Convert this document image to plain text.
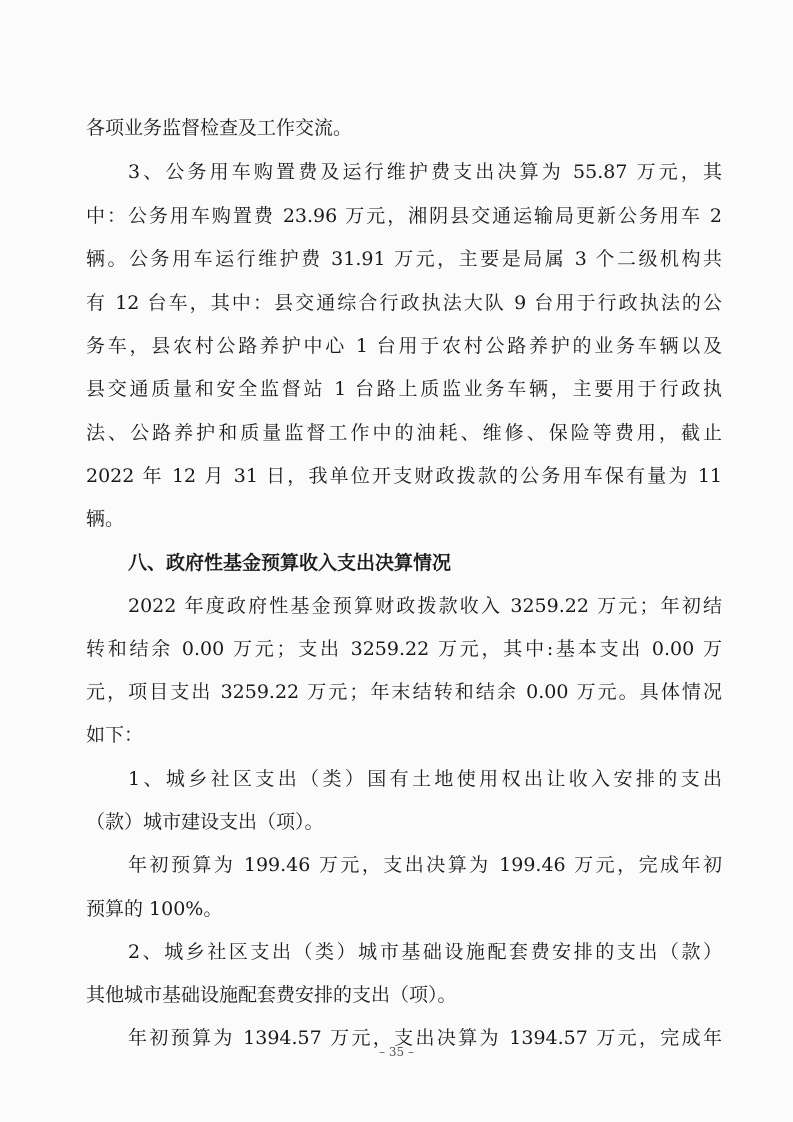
各项业务监督检查及工作交流。
3、公务用车购置费及运行维护费支出决算为 55.87 万元，其
中：公务用车购置费 23.96 万元，湘阴县交通运输局更新公务用车 2
辆。公务用车运行维护费 31.91 万元，主要是局属 3 个二级机构共
有 12 台车，其中：县交通综合行政执法大队 9 台用于行政执法的公
务车，县农村公路养护中心 1 台用于农村公路养护的业务车辆以及
县交通质量和安全监督站 1 台路上质监业务车辆，主要用于行政执
法、公路养护和质量监督工作中的油耗、维修、保险等费用，截止
2022 年 12 月 31 日，我单位开支财政拨款的公务用车保有量为 11
辆。
八、政府性基金预算收入支出决算情况
2022 年度政府性基金预算财政拨款收入 3259.22 万元；年初结
转和结余 0.00 万元；支出 3259.22 万元，其中:基本支出 0.00 万
元，项目支出 3259.22 万元；年末结转和结余 0.00 万元。具体情况
如下：
1、城乡社区支出（类）国有土地使用权出让收入安排的支出
（款）城市建设支出（项）。
年初预算为 199.46 万元，支出决算为 199.46 万元，完成年初
预算的 100%。
2、城乡社区支出（类）城市基础设施配套费安排的支出（款）
其他城市基础设施配套费安排的支出（项）。
年初预算为 1394.57 万元，支出决算为 1394.57 万元，完成年
– 35 –
